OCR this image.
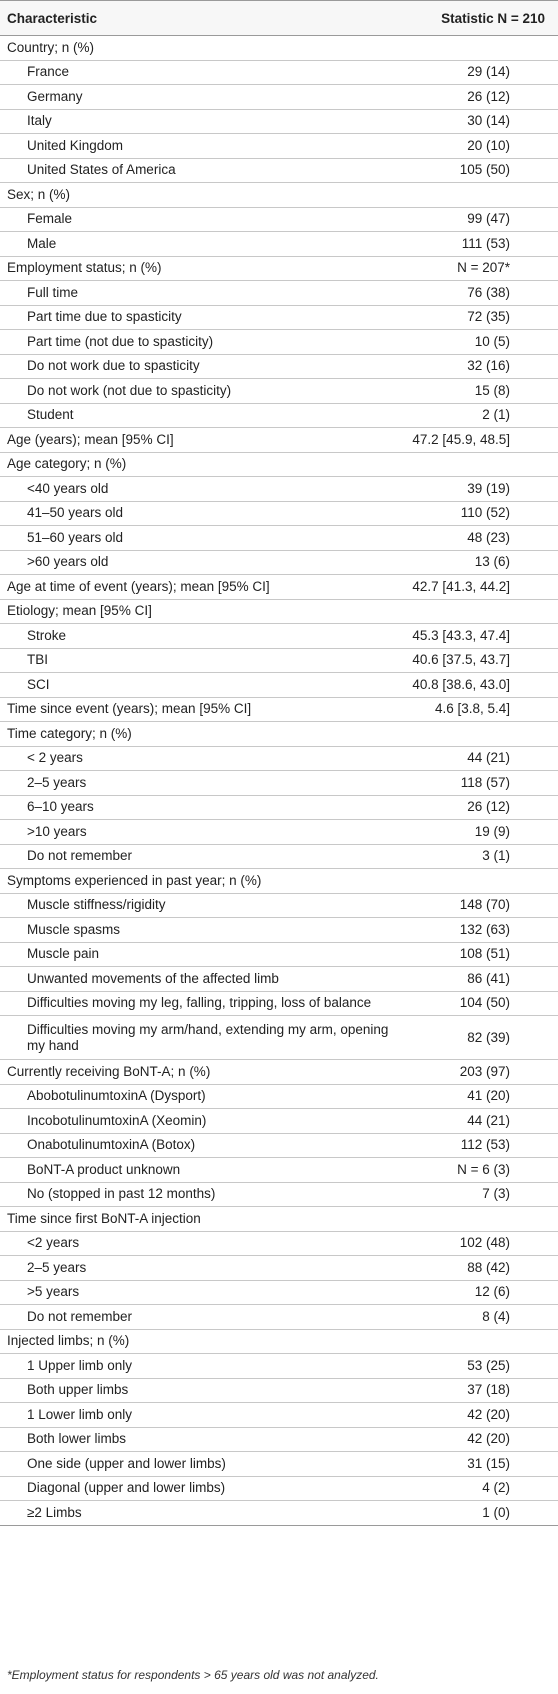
Characteristic	Statistic N = 210
Country; n (%)	
France	29 (14)
Germany	26 (12)
Italy	30 (14)
United Kingdom	20 (10)
United States of America	105 (50)
Sex; n (%)	
Female	99 (47)
Male	111 (53)
Employment status; n (%)	N = 207*
Full time	76 (38)
Part time due to spasticity	72 (35)
Part time (not due to spasticity)	10 (5)
Do not work due to spasticity	32 (16)
Do not work (not due to spasticity)	15 (8)
Student	2 (1)
Age (years); mean [95% CI]	47.2 [45.9, 48.5]
Age category; n (%)	
<40 years old	39 (19)
41–50 years old	110 (52)
51–60 years old	48 (23)
>60 years old	13 (6)
Age at time of event (years); mean [95% CI]	42.7 [41.3, 44.2]
Etiology; mean [95% CI]	
Stroke	45.3 [43.3, 47.4]
TBI	40.6 [37.5, 43.7]
SCI	40.8 [38.6, 43.0]
Time since event (years); mean [95% CI]	4.6 [3.8, 5.4]
Time category; n (%)	
< 2 years	44 (21)
2–5 years	118 (57)
6–10 years	26 (12)
>10 years	19 (9)
Do not remember	3 (1)
Symptoms experienced in past year; n (%)	
Muscle stiffness/rigidity	148 (70)
Muscle spasms	132 (63)
Muscle pain	108 (51)
Unwanted movements of the affected limb	86 (41)
Difficulties moving my leg, falling, tripping, loss of balance	104 (50)
Difficulties moving my arm/hand, extending my arm, opening my hand	82 (39)
Currently receiving BoNT-A; n (%)	203 (97)
AbobotulinumtoxinA (Dysport)	41 (20)
IncobotulinumtoxinA (Xeomin)	44 (21)
OnabotulinumtoxinA (Botox)	112 (53)
BoNT-A product unknown	N = 6 (3)
No (stopped in past 12 months)	7 (3)
Time since first BoNT-A injection	
<2 years	102 (48)
2–5 years	88 (42)
>5 years	12 (6)
Do not remember	8 (4)
Injected limbs; n (%)	
1 Upper limb only	53 (25)
Both upper limbs	37 (18)
1 Lower limb only	42 (20)
Both lower limbs	42 (20)
One side (upper and lower limbs)	31 (15)
Diagonal (upper and lower limbs)	4 (2)
≥2 Limbs	1 (0)
*Employment status for respondents > 65 years old was not analyzed.
